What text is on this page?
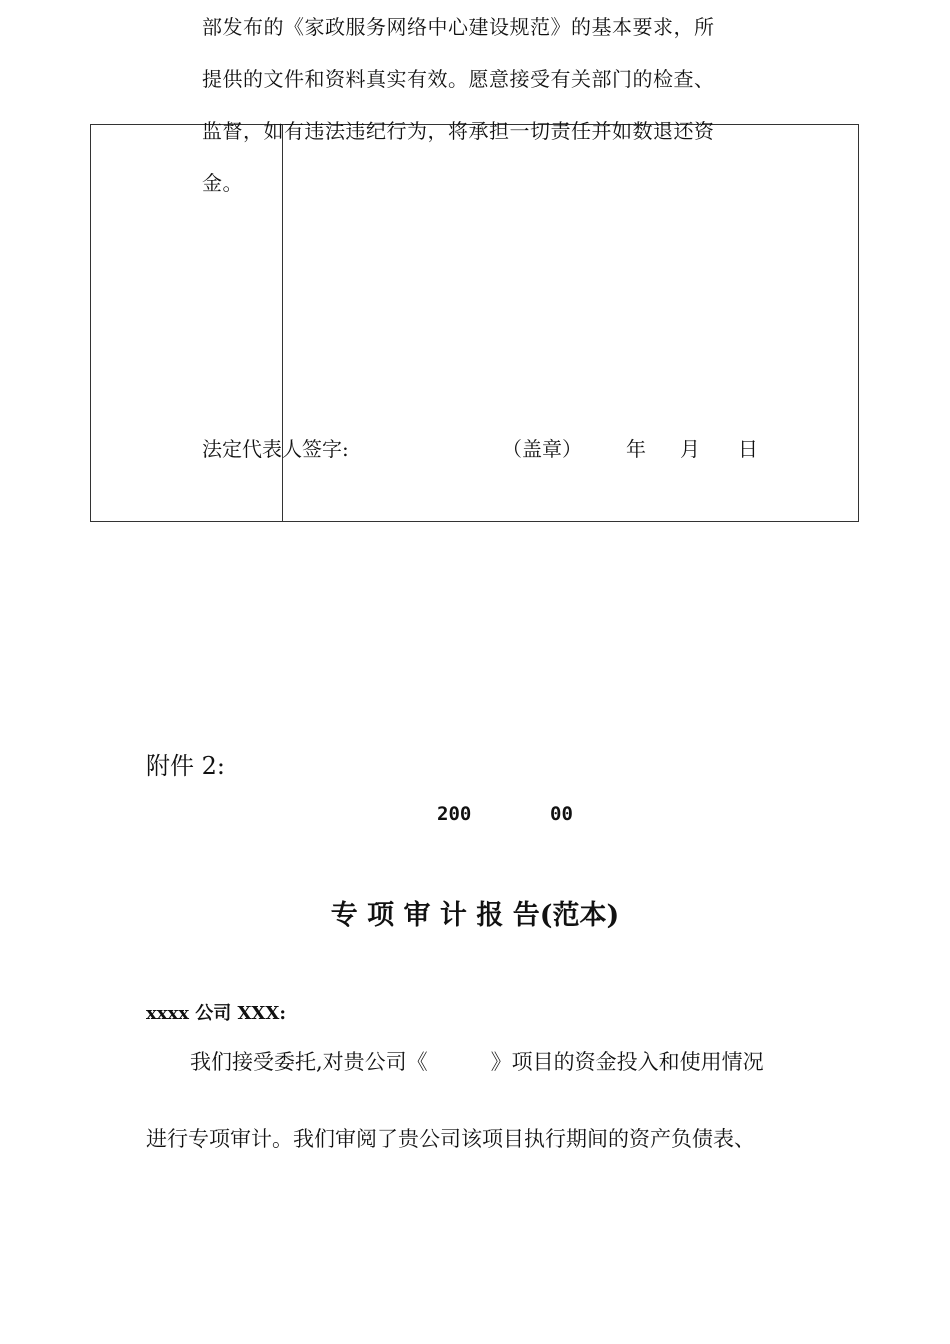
部发布的《家政服务网络中心建设规范》的基本要求，所
提供的文件和资料真实有效。愿意接受有关部门的检查、
监督，如有违法违纪行为，将承担一切责任并如数退还资
金。
法定代表人签字:	（盖章） 年 月 日
附件 2:
200	00
专 项 审 计 报 告(范本)
xxxx 公司 XXX:
我们接受委托,对贵公司《　　　》项目的资金投入和使用情况
进行专项审计。我们审阅了贵公司该项目执行期间的资产负债表、
